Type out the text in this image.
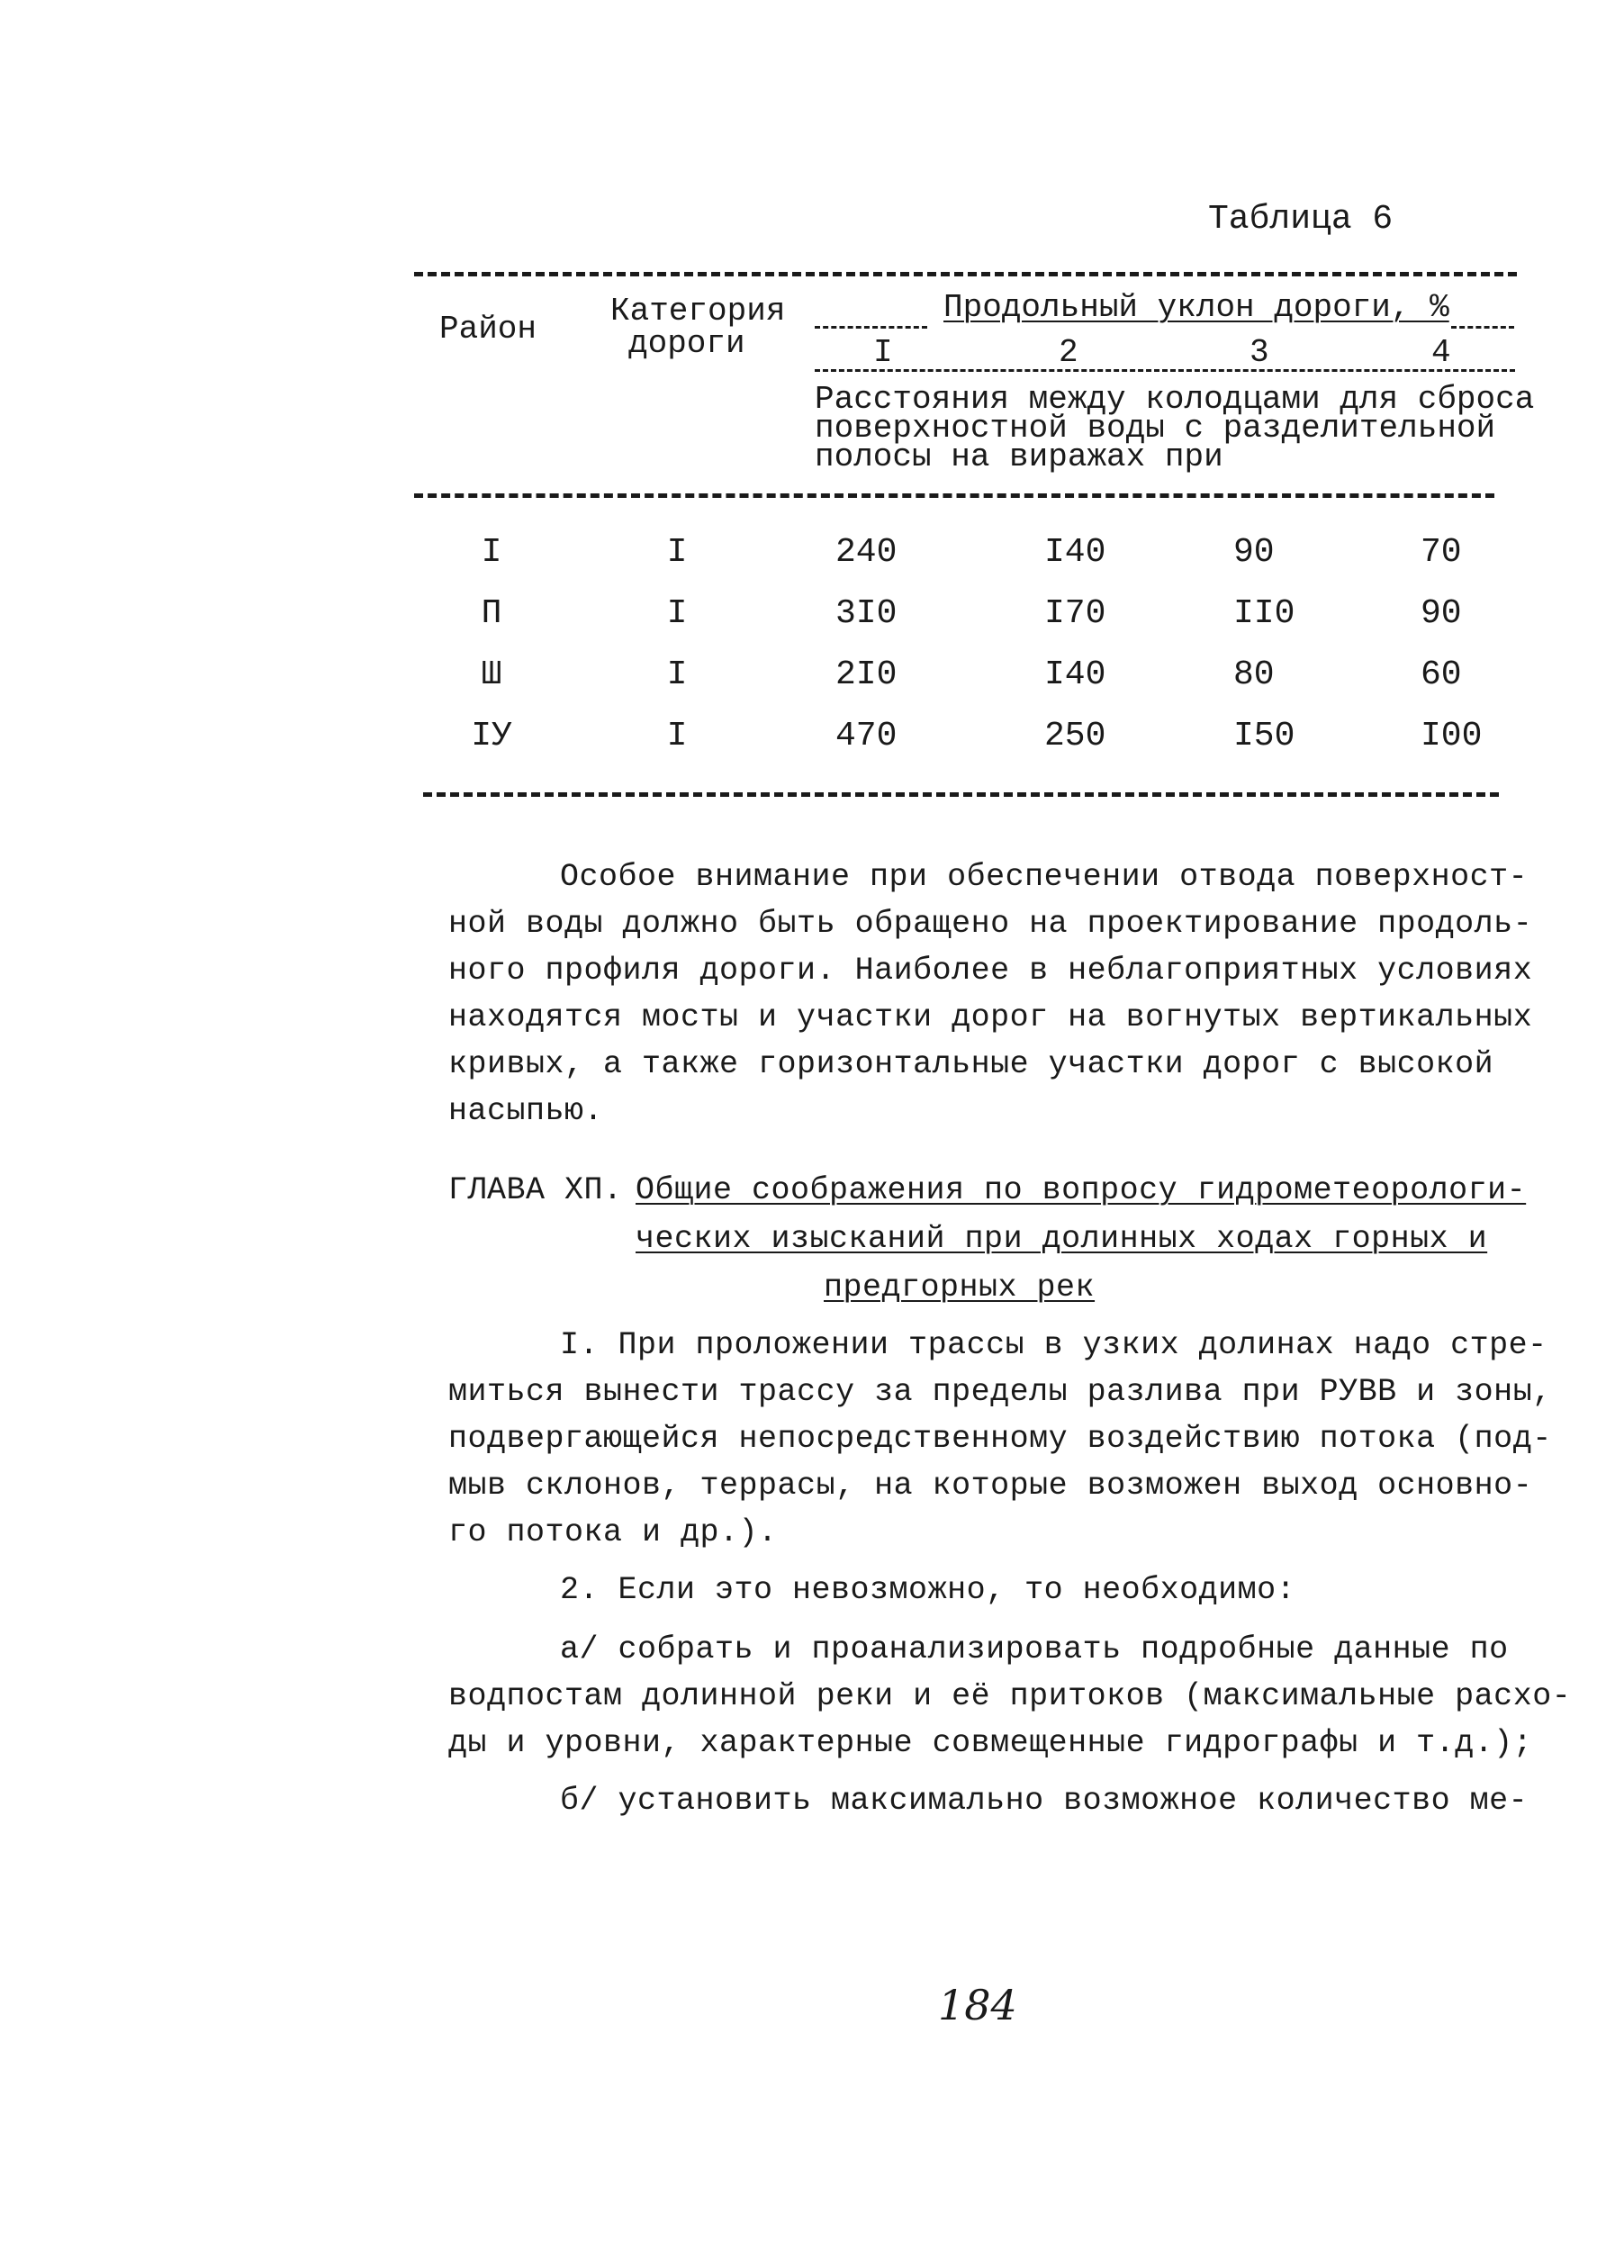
Таблица 6
Район Категория
дороги
Продольный уклон дороги, %
I	2	3	4
Расстояния между колодцами для сброса
поверхностной воды с разделительной
полосы на виражах при
I	I	240	I40	90	70
П	I	3I0	I70	II0	90
Ш	I	2I0	I40	80	60
IУ	I	470	250	I50	I00
Особое внимание при обеспечении отвода поверхност-
ной воды должно быть обращено на проектирование продоль-
ного профиля дороги. Наиболее в неблагоприятных условиях
находятся мосты и участки дорог на вогнутых вертикальных
кривых, а также горизонтальные участки дорог с высокой
насыпью.
ГЛАВА ХП. Общие соображения по вопросу гидрометеорологи-
ческих изысканий при долинных ходах горных и
предгорных рек
I. При проложении трассы в узких долинах надо стре-
миться вынести трассу за пределы разлива при РУВВ и зоны,
подвергающейся непосредственному воздействию потока (под-
мыв склонов, террасы, на которые возможен выход основно-
го потока и др.).
2. Если это невозможно, то необходимо:
а/ собрать и проанализировать подробные данные по
водпостам долинной реки и её притоков (максимальные расхо-
ды и уровни, характерные совмещенные гидрографы и т.д.);
б/ установить максимально возможное количество ме-
184
